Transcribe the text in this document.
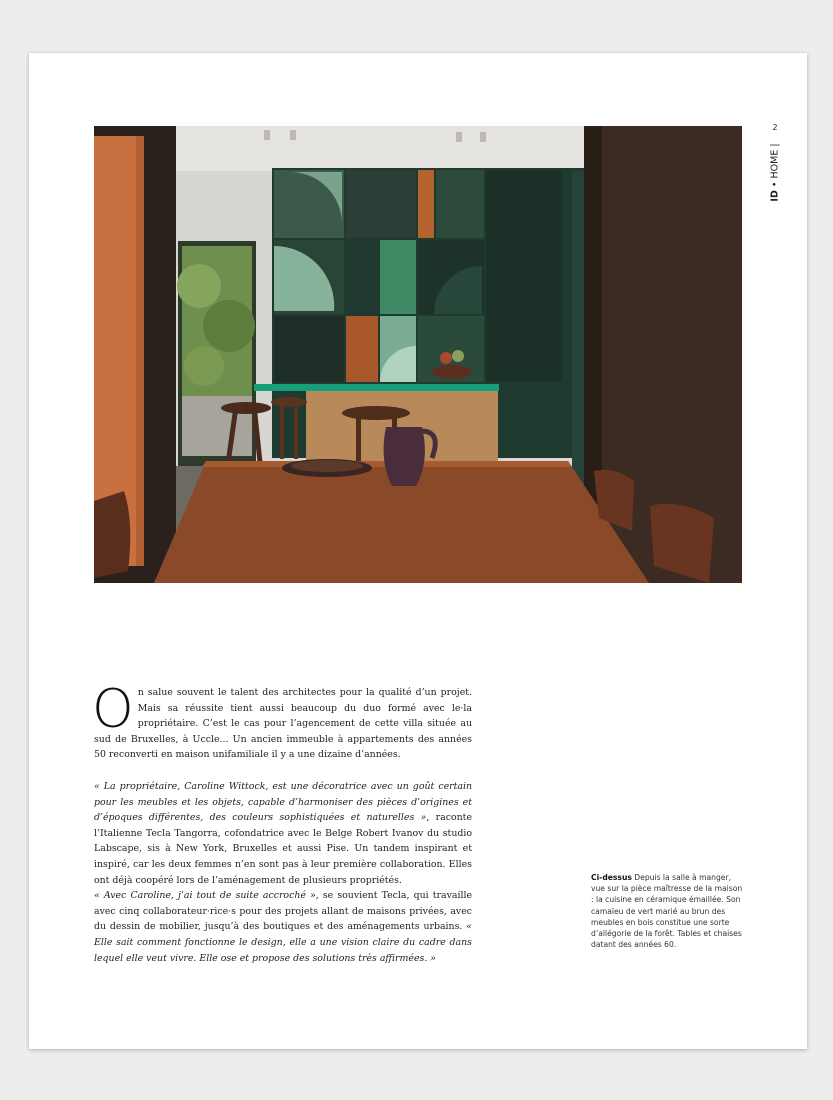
2
ID • HOME |

On salue souvent le talent des architectes pour la qualité d’un projet. Mais sa réussite tient aussi beaucoup du duo formé avec le·la propriétaire. C’est le cas pour l’agencement de cette villa située au sud de Bruxelles, à Uccle... Un ancien immeuble à appartements des années 50 reconverti en maison unifamiliale il y a une dizaine d’années.

« La propriétaire, Caroline Wittock, est une décoratrice avec un goût certain pour les meubles et les objets, capable d’harmoniser des pièces d’origines et d’époques différentes, des couleurs sophistiquées et naturelles », raconte l’Italienne Tecla Tangorra, cofondatrice avec le Belge Robert Ivanov du studio Labscape, sis à New York, Bruxelles et aussi Pise. Un tandem inspirant et inspiré, car les deux femmes n’en sont pas à leur première collaboration. Elles ont déjà coopéré lors de l’aménagement de plusieurs propriétés.

« Avec Caroline, j’ai tout de suite accroché », se souvient Tecla, qui travaille avec cinq collaborateur·rice·s pour des projets allant de maisons privées, avec du dessin de mobilier, jusqu’à des boutiques et des aménagements urbains. « Elle sait comment fonctionne le design, elle a une vision claire du cadre dans lequel elle veut vivre. Elle ose et propose des solutions très affirmées. »

Ci-dessus Depuis la salle à manger, vue sur la pièce maîtresse de la maison : la cuisine en céramique émaillée. Son camaïeu de vert marié au brun des meubles en bois constitue une sorte d’allégorie de la forêt. Tables et chaises datant des années 60.
